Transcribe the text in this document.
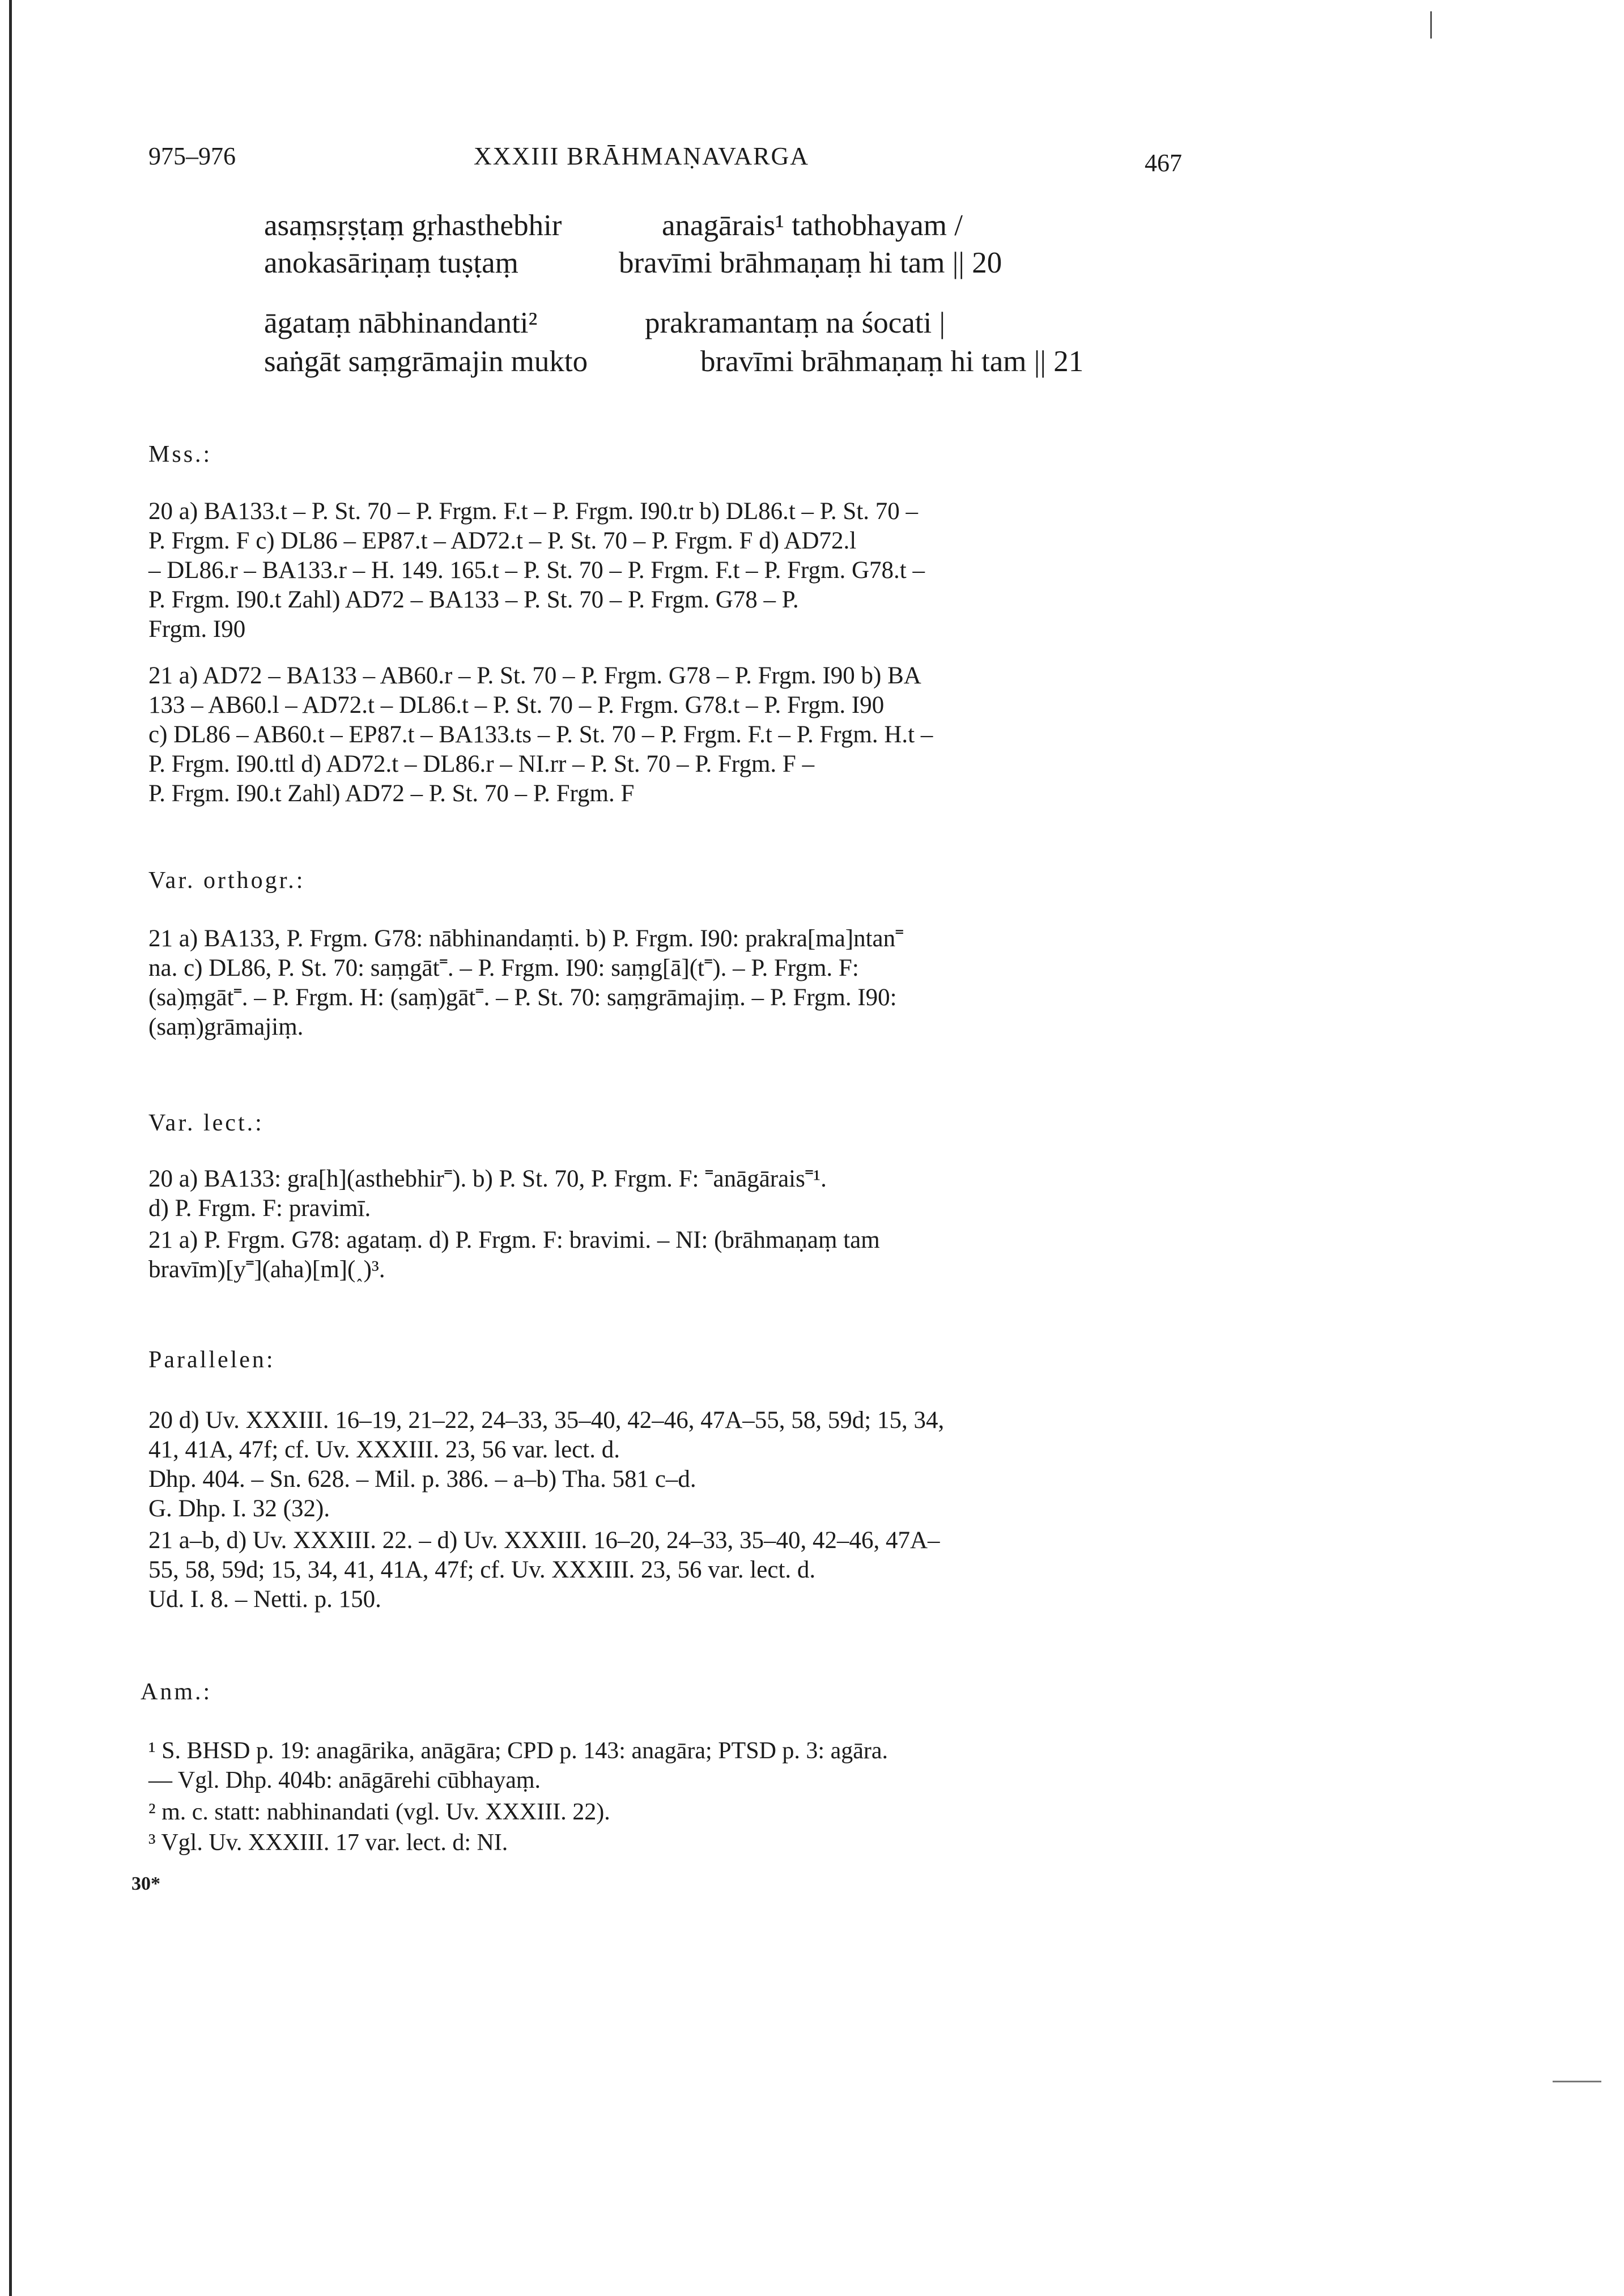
975–976	XXXIII BRĀHMAṆAVARGA	467
asaṃsṛṣṭaṃ gṛhasthebhir	anagārais¹ tathobhayam /
anokasāriṇaṃ tuṣṭaṃ	bravīmi brāhmaṇaṃ hi tam || 20
āgataṃ nābhinandanti²	prakramantaṃ na śocati |
saṅgāt saṃgrāmajin mukto	bravīmi brāhmaṇaṃ hi tam || 21
Mss.:

20 a) BA133.t – P. St. 70 – P. Frgm. F.t – P. Frgm. I90.tr b) DL86.t – P. St. 70 –

P. Frgm. F c) DL86 – EP87.t – AD72.t – P. St. 70 – P. Frgm. F d) AD72.l

– DL86.r – BA133.r – H. 149. 165.t – P. St. 70 – P. Frgm. F.t – P. Frgm. G78.t –

P. Frgm. I90.t Zahl) AD72 – BA133 – P. St. 70 – P. Frgm. G78 – P.

Frgm. I90

21 a) AD72 – BA133 – AB60.r – P. St. 70 – P. Frgm. G78 – P. Frgm. I90 b) BA

133 – AB60.l – AD72.t – DL86.t – P. St. 70 – P. Frgm. G78.t – P. Frgm. I90

c) DL86 – AB60.t – EP87.t – BA133.ts – P. St. 70 – P. Frgm. F.t – P. Frgm. H.t –

P. Frgm. I90.ttl d) AD72.t – DL86.r – NI.rr – P. St. 70 – P. Frgm. F –

P. Frgm. I90.t Zahl) AD72 – P. St. 70 – P. Frgm. F

Var. orthogr.:

21 a) BA133, P. Frgm. G78: nābhinandaṃti. b) P. Frgm. I90: prakra[ma]ntan˭

na. c) DL86, P. St. 70: saṃgāt˭. – P. Frgm. I90: saṃg[ā](t˭). – P. Frgm. F:

(sa)ṃgāt˭. – P. Frgm. H: (saṃ)gāt˭. – P. St. 70: saṃgrāmajiṃ. – P. Frgm. I90:

(saṃ)grāmajiṃ.

Var. lect.:

20 a) BA133: gra[h](asthebhir˭). b) P. St. 70, P. Frgm. F: ˭anāgārais˭¹.

d) P. Frgm. F: pravimī.

21 a) P. Frgm. G78: agataṃ. d) P. Frgm. F: bravimi. – NI: (brāhmaṇaṃ tam

bravīm)[y˭](aha)[m](˰)³.

Parallelen:

20 d) Uv. XXXIII. 16–19, 21–22, 24–33, 35–40, 42–46, 47A–55, 58, 59d; 15, 34,

41, 41A, 47f; cf. Uv. XXXIII. 23, 56 var. lect. d.

Dhp. 404. – Sn. 628. – Mil. p. 386. – a–b) Tha. 581 c–d.

G. Dhp. I. 32 (32).

21 a–b, d) Uv. XXXIII. 22. – d) Uv. XXXIII. 16–20, 24–33, 35–40, 42–46, 47A–

55, 58, 59d; 15, 34, 41, 41A, 47f; cf. Uv. XXXIII. 23, 56 var. lect. d.

Ud. I. 8. – Netti. p. 150.

Anm.:

¹ S. BHSD p. 19: anagārika, anāgāra; CPD p. 143: anagāra; PTSD p. 3: agāra.

— Vgl. Dhp. 404b: anāgārehi cūbhayaṃ.

² m. c. statt: nabhinandati (vgl. Uv. XXXIII. 22).

³ Vgl. Uv. XXXIII. 17 var. lect. d: NI.

30*
